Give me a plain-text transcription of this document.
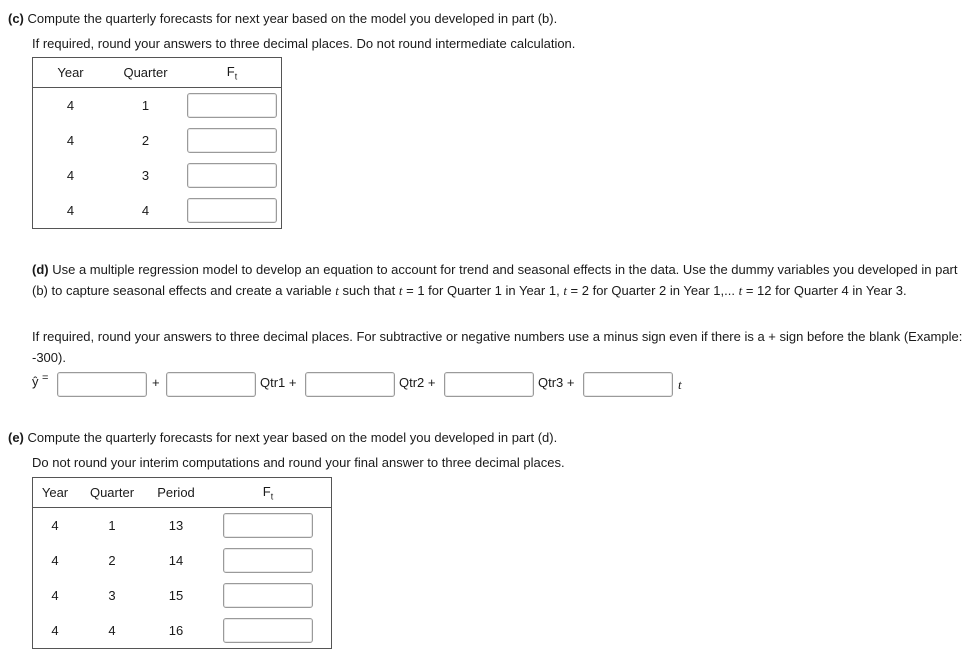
(c) Compute the quarterly forecasts for next year based on the model you developed in part (b).
If required, round your answers to three decimal places. Do not round intermediate calculation.
Year	Quarter	$F_t$
4	1	
4	2	
4	3	
4	4	
(d) Use a multiple regression model to develop an equation to account for trend and seasonal effects in the data. Use the dummy variables you developed in part (b) to capture seasonal effects and create a variable t such that t = 1 for Quarter 1 in Year 1, t = 2 for Quarter 2 in Year 1,... t = 12 for Quarter 4 in Year 3.
If required, round your answers to three decimal places. For subtractive or negative numbers use a minus sign even if there is a + sign before the blank (Example: -300).
ŷ =	+	Qtr1 +	Qtr2 +	Qtr3 +	t
(e) Compute the quarterly forecasts for next year based on the model you developed in part (d).
Do not round your interim computations and round your final answer to three decimal places.
Year	Quarter	Period	$F_t$
4	1	13	
4	2	14	
4	3	15	
4	4	16	
